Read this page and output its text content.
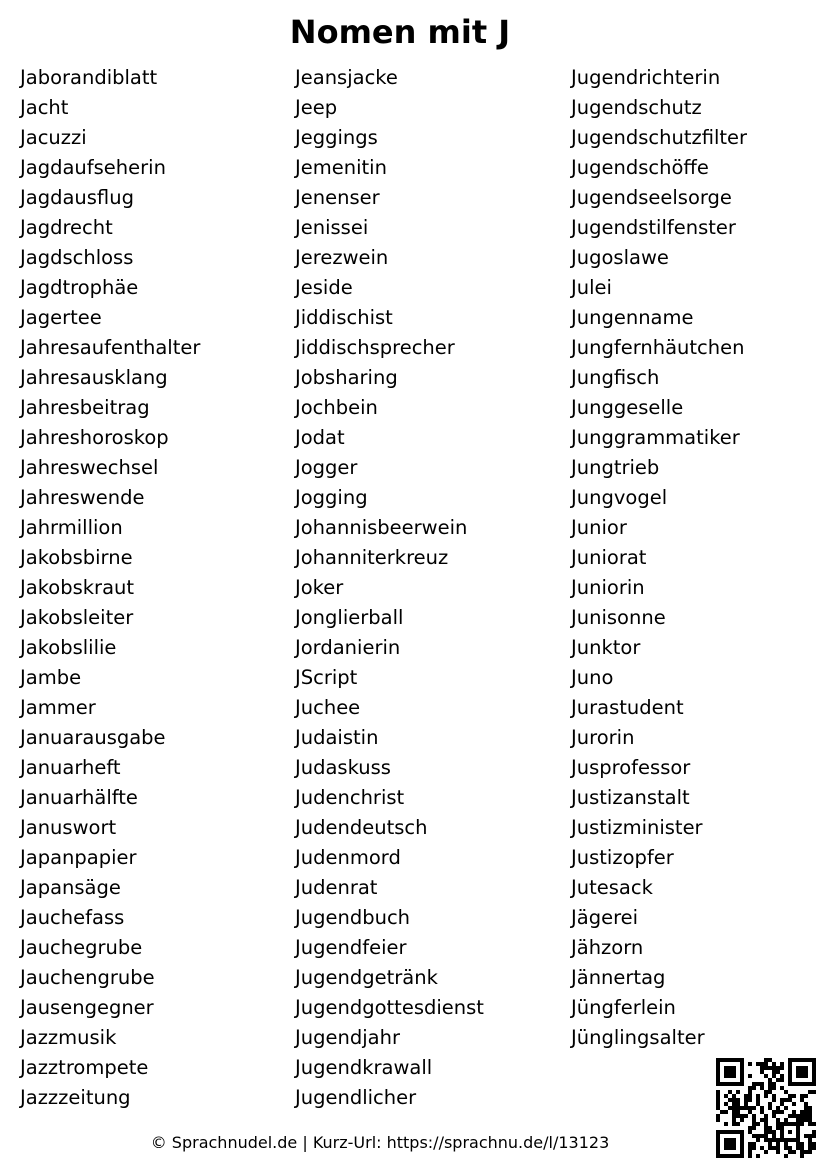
Nomen mit J
Jaborandiblatt
Jacht
Jacuzzi
Jagdaufseherin
Jagdausflug
Jagdrecht
Jagdschloss
Jagdtrophäe
Jagertee
Jahresaufenthalter
Jahresausklang
Jahresbeitrag
Jahreshoroskop
Jahreswechsel
Jahreswende
Jahrmillion
Jakobsbirne
Jakobskraut
Jakobsleiter
Jakobslilie
Jambe
Jammer
Januarausgabe
Januarheft
Januarhälfte
Januswort
Japanpapier
Japansäge
Jauchefass
Jauchegrube
Jauchengrube
Jausengegner
Jazzmusik
Jazztrompete
Jazzzeitung
Jeansjacke
Jeep
Jeggings
Jemenitin
Jenenser
Jenissei
Jerezwein
Jeside
Jiddischist
Jiddischsprecher
Jobsharing
Jochbein
Jodat
Jogger
Jogging
Johannisbeerwein
Johanniterkreuz
Joker
Jonglierball
Jordanierin
JScript
Juchee
Judaistin
Judaskuss
Judenchrist
Judendeutsch
Judenmord
Judenrat
Jugendbuch
Jugendfeier
Jugendgetränk
Jugendgottesdienst
Jugendjahr
Jugendkrawall
Jugendlicher
Jugendrichterin
Jugendschutz
Jugendschutzfilter
Jugendschöffe
Jugendseelsorge
Jugendstilfenster
Jugoslawe
Julei
Jungenname
Jungfernhäutchen
Jungfisch
Junggeselle
Junggrammatiker
Jungtrieb
Jungvogel
Junior
Juniorat
Juniorin
Junisonne
Junktor
Juno
Jurastudent
Jurorin
Jusprofessor
Justizanstalt
Justizminister
Justizopfer
Jutesack
Jägerei
Jähzorn
Jännertag
Jüngferlein
Jünglingsalter
© Sprachnudel.de | Kurz-Url: https://sprachnu.de/l/13123
